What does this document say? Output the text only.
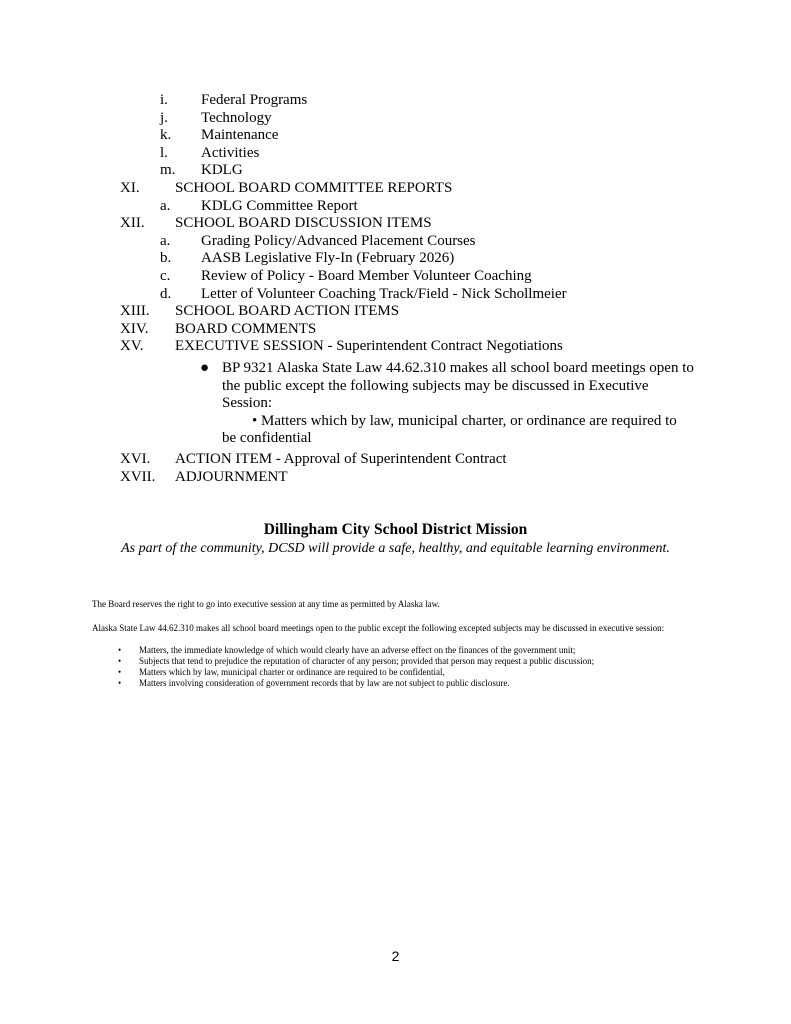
i.	Federal Programs
j.	Technology
k.	Maintenance
l.	Activities
m.	KDLG
XI.	SCHOOL BOARD COMMITTEE REPORTS
a.	KDLG Committee Report
XII.	SCHOOL BOARD DISCUSSION ITEMS
a.	Grading Policy/Advanced Placement Courses
b.	AASB Legislative Fly-In (February 2026)
c.	Review of Policy - Board Member Volunteer Coaching
d.	Letter of Volunteer Coaching Track/Field - Nick Schollmeier
XIII.	SCHOOL BOARD ACTION ITEMS
XIV.	BOARD COMMENTS
XV.	EXECUTIVE SESSION - Superintendent Contract Negotiations
● BP 9321 Alaska State Law 44.62.310 makes all school board meetings open to the public except the following subjects may be discussed in Executive Session:
• Matters which by law, municipal charter, or ordinance are required to
be confidential
XVI.	ACTION ITEM - Approval of Superintendent Contract
XVII.	ADJOURNMENT
Dillingham City School District Mission
As part of the community, DCSD will provide a safe, healthy, and equitable learning environment.
The Board reserves the right to go into executive session at any time as permitted by Alaska law.
Alaska State Law 44.62.310 makes all school board meetings open to the public except the following excepted subjects may be discussed in executive session:
• Matters, the immediate knowledge of which would clearly have an adverse effect on the finances of the government unit;
• Subjects that tend to prejudice the reputation of character of any person; provided that person may request a public discussion;
• Matters which by law, municipal charter or ordinance are required to be confidential,
• Matters involving consideration of government records that by law are not subject to public disclosure.
2
